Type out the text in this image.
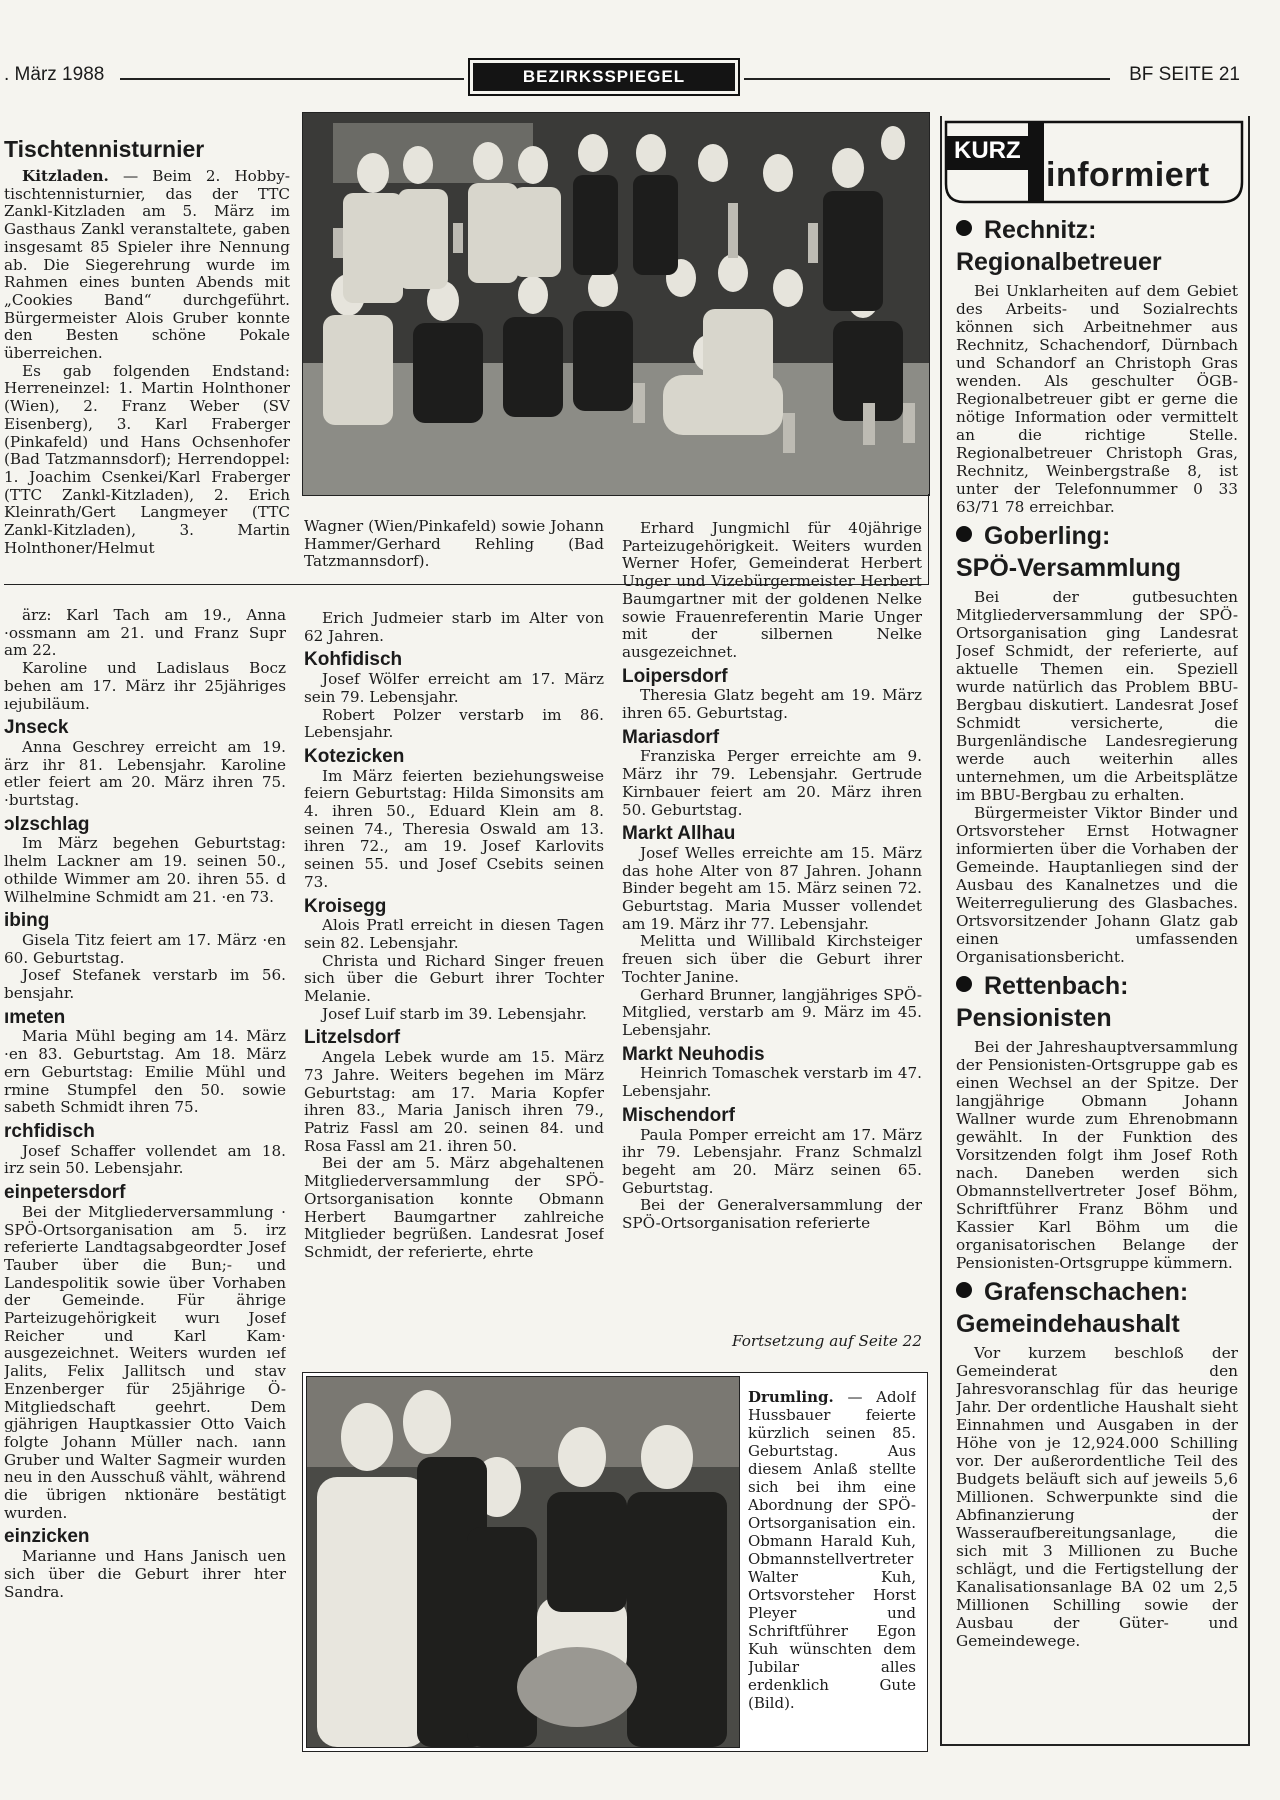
. März 1988	BEZIRKSSPIEGEL	BF SEITE 21
Tischtennisturnier

Kitzladen. — Beim 2. Hobby-tischtennisturnier, das der TTC Zankl-Kitzladen am 5. März im Gasthaus Zankl veranstaltete, gaben insgesamt 85 Spieler ihre Nennung ab. Die Siegerehrung wurde im Rahmen eines bunten Abends mit „Cookies Band“ durchgeführt. Bürgermeister Alois Gruber konnte den Besten schöne Pokale überreichen.

Es gab folgenden Endstand: Herreneinzel: 1. Martin Holnthoner (Wien), 2. Franz Weber (SV Eisenberg), 3. Karl Fraberger (Pinkafeld) und Hans Ochsenhofer (Bad Tatzmannsdorf); Herrendoppel: 1. Joachim Csenkei/Karl Fraberger (TTC Zankl-Kitzladen), 2. Erich Kleinrath/Gert Langmeyer (TTC Zankl-Kitzladen), 3. Martin Holnthoner/Helmut

Wagner (Wien/Pinkafeld) sowie Johann Hammer/Gerhard Rehling (Bad Tatzmannsdorf).

ärz: Karl Tach am 19., Anna ·ossmann am 21. und Franz Supr am 22.

Karoline und Ladislaus Bocz behen am 17. März ihr 25jähriges ıejubiläum.

Jnseck

Anna Geschrey erreicht am 19. ärz ihr 81. Lebensjahr. Karoline etler feiert am 20. März ihren 75. ·burtstag.

ɔlzschlag

Im März begehen Geburtstag: lhelm Lackner am 19. seinen 50., othilde Wimmer am 20. ihren 55. d Wilhelmine Schmidt am 21. ·en 73.

ibing

Gisela Titz feiert am 17. März ·en 60. Geburtstag.

Josef Stefanek verstarb im 56. bensjahr.

ımeten

Maria Mühl beging am 14. März ·en 83. Geburtstag. Am 18. März ern Geburtstag: Emilie Mühl und rmine Stumpfel den 50. sowie sabeth Schmidt ihren 75.

rchfidisch

Josef Schaffer vollendet am 18. irz sein 50. Lebensjahr.

einpetersdorf

Bei der Mitgliederversammlung · SPÖ-Ortsorganisation am 5. irz referierte Landtagsabgeordter Josef Tauber über die Bun;- und Landespolitik sowie über Vorhaben der Gemeinde. Für ährige Parteizugehörigkeit wurı Josef Reicher und Karl Kam· ausgezeichnet. Weiters wurden ıef Jalits, Felix Jallitsch und stav Enzenberger für 25jährige Ö-Mitgliedschaft geehrt. Dem gjährigen Hauptkassier Otto Vaich folgte Johann Müller nach. ıann Gruber und Walter Sagmeir wurden neu in den Ausschuß vählt, während die übrigen nktionäre bestätigt wurden.

einzicken

Marianne und Hans Janisch uen sich über die Geburt ihrer hter Sandra.

Erich Judmeier starb im Alter von 62 Jahren.

Kohfidisch

Josef Wölfer erreicht am 17. März sein 79. Lebensjahr.

Robert Polzer verstarb im 86. Lebensjahr.

Kotezicken

Im März feierten beziehungsweise feiern Geburtstag: Hilda Simonsits am 4. ihren 50., Eduard Klein am 8. seinen 74., Theresia Oswald am 13. ihren 72., am 19. Josef Karlovits seinen 55. und Josef Csebits seinen 73.

Kroisegg

Alois Pratl erreicht in diesen Tagen sein 82. Lebensjahr.

Christa und Richard Singer freuen sich über die Geburt ihrer Tochter Melanie.

Josef Luif starb im 39. Lebensjahr.

Litzelsdorf

Angela Lebek wurde am 15. März 73 Jahre. Weiters begehen im März Geburtstag: am 17. Maria Kopfer ihren 83., Maria Janisch ihren 79., Patriz Fassl am 20. seinen 84. und Rosa Fassl am 21. ihren 50.

Bei der am 5. März abgehaltenen Mitgliederversammlung der SPÖ-Ortsorganisation konnte Obmann Herbert Baumgartner zahlreiche Mitglieder begrüßen. Landesrat Josef Schmidt, der referierte, ehrte

Erhard Jungmichl für 40jährige Parteizugehörigkeit. Weiters wurden Werner Hofer, Gemeinderat Herbert Unger und Vizebürgermeister Herbert Baumgartner mit der goldenen Nelke sowie Frauenreferentin Marie Unger mit der silbernen Nelke ausgezeichnet.

Loipersdorf

Theresia Glatz begeht am 19. März ihren 65. Geburtstag.

Mariasdorf

Franziska Perger erreichte am 9. März ihr 79. Lebensjahr. Gertrude Kirnbauer feiert am 20. März ihren 50. Geburtstag.

Markt Allhau

Josef Welles erreichte am 15. März das hohe Alter von 87 Jahren. Johann Binder begeht am 15. März seinen 72. Geburtstag. Maria Musser vollendet am 19. März ihr 77. Lebensjahr.

Melitta und Willibald Kirchsteiger freuen sich über die Geburt ihrer Tochter Janine.

Gerhard Brunner, langjähriges SPÖ-Mitglied, verstarb am 9. März im 45. Lebensjahr.

Markt Neuhodis

Heinrich Tomaschek verstarb im 47. Lebensjahr.

Mischendorf

Paula Pomper erreicht am 17. März ihr 79. Lebensjahr. Franz Schmalzl begeht am 20. März seinen 65. Geburtstag.

Bei der Generalversammlung der SPÖ-Ortsorganisation referierte

Fortsetzung auf Seite 22

Drumling. — Adolf Hussbauer feierte kürzlich seinen 85. Geburtstag. Aus diesem Anlaß stellte sich bei ihm eine Abordnung der SPÖ-Ortsorganisation ein. Obmann Harald Kuh, Obmannstellvertreter Walter Kuh, Ortsvorsteher Horst Pleyer und Schriftführer Egon Kuh wünschten dem Jubilar alles erdenklich Gute (Bild).

KURZ
informiert
Rechnitz:
Regionalbetreuer

Bei Unklarheiten auf dem Gebiet des Arbeits- und Sozialrechts können sich Arbeitnehmer aus Rechnitz, Schachendorf, Dürnbach und Schandorf an Christoph Gras wenden. Als geschulter ÖGB-Regionalbetreuer gibt er gerne die nötige Information oder vermittelt an die richtige Stelle. Regionalbetreuer Christoph Gras, Rechnitz, Weinbergstraße 8, ist unter der Telefonnummer 0 33 63/71 78 erreichbar.

Goberling:
SPÖ-Versammlung

Bei der gutbesuchten Mitgliederversammlung der SPÖ-Ortsorganisation ging Landesrat Josef Schmidt, der referierte, auf aktuelle Themen ein. Speziell wurde natürlich das Problem BBU-Bergbau diskutiert. Landesrat Josef Schmidt versicherte, die Burgenländische Landesregierung werde auch weiterhin alles unternehmen, um die Arbeitsplätze im BBU-Bergbau zu erhalten.

Bürgermeister Viktor Binder und Ortsvorsteher Ernst Hotwagner informierten über die Vorhaben der Gemeinde. Hauptanliegen sind der Ausbau des Kanalnetzes und die Weiterregulierung des Glasbaches. Ortsvorsitzender Johann Glatz gab einen umfassenden Organisationsbericht.

Rettenbach:
Pensionisten

Bei der Jahreshauptversammlung der Pensionisten-Ortsgruppe gab es einen Wechsel an der Spitze. Der langjährige Obmann Johann Wallner wurde zum Ehrenobmann gewählt. In der Funktion des Vorsitzenden folgt ihm Josef Roth nach. Daneben werden sich Obmannstellvertreter Josef Böhm, Schriftführer Franz Böhm und Kassier Karl Böhm um die organisatorischen Belange der Pensionisten-Ortsgruppe kümmern.

Grafenschachen:
Gemeindehaushalt

Vor kurzem beschloß der Gemeinderat den Jahresvoranschlag für das heurige Jahr. Der ordentliche Haushalt sieht Einnahmen und Ausgaben in der Höhe von je 12,924.000 Schilling vor. Der außerordentliche Teil des Budgets beläuft sich auf jeweils 5,6 Millionen. Schwerpunkte sind die Abfinanzierung der Wasseraufbereitungsanlage, die sich mit 3 Millionen zu Buche schlägt, und die Fertigstellung der Kanalisationsanlage BA 02 um 2,5 Millionen Schilling sowie der Ausbau der Güter- und Gemeindewege.
